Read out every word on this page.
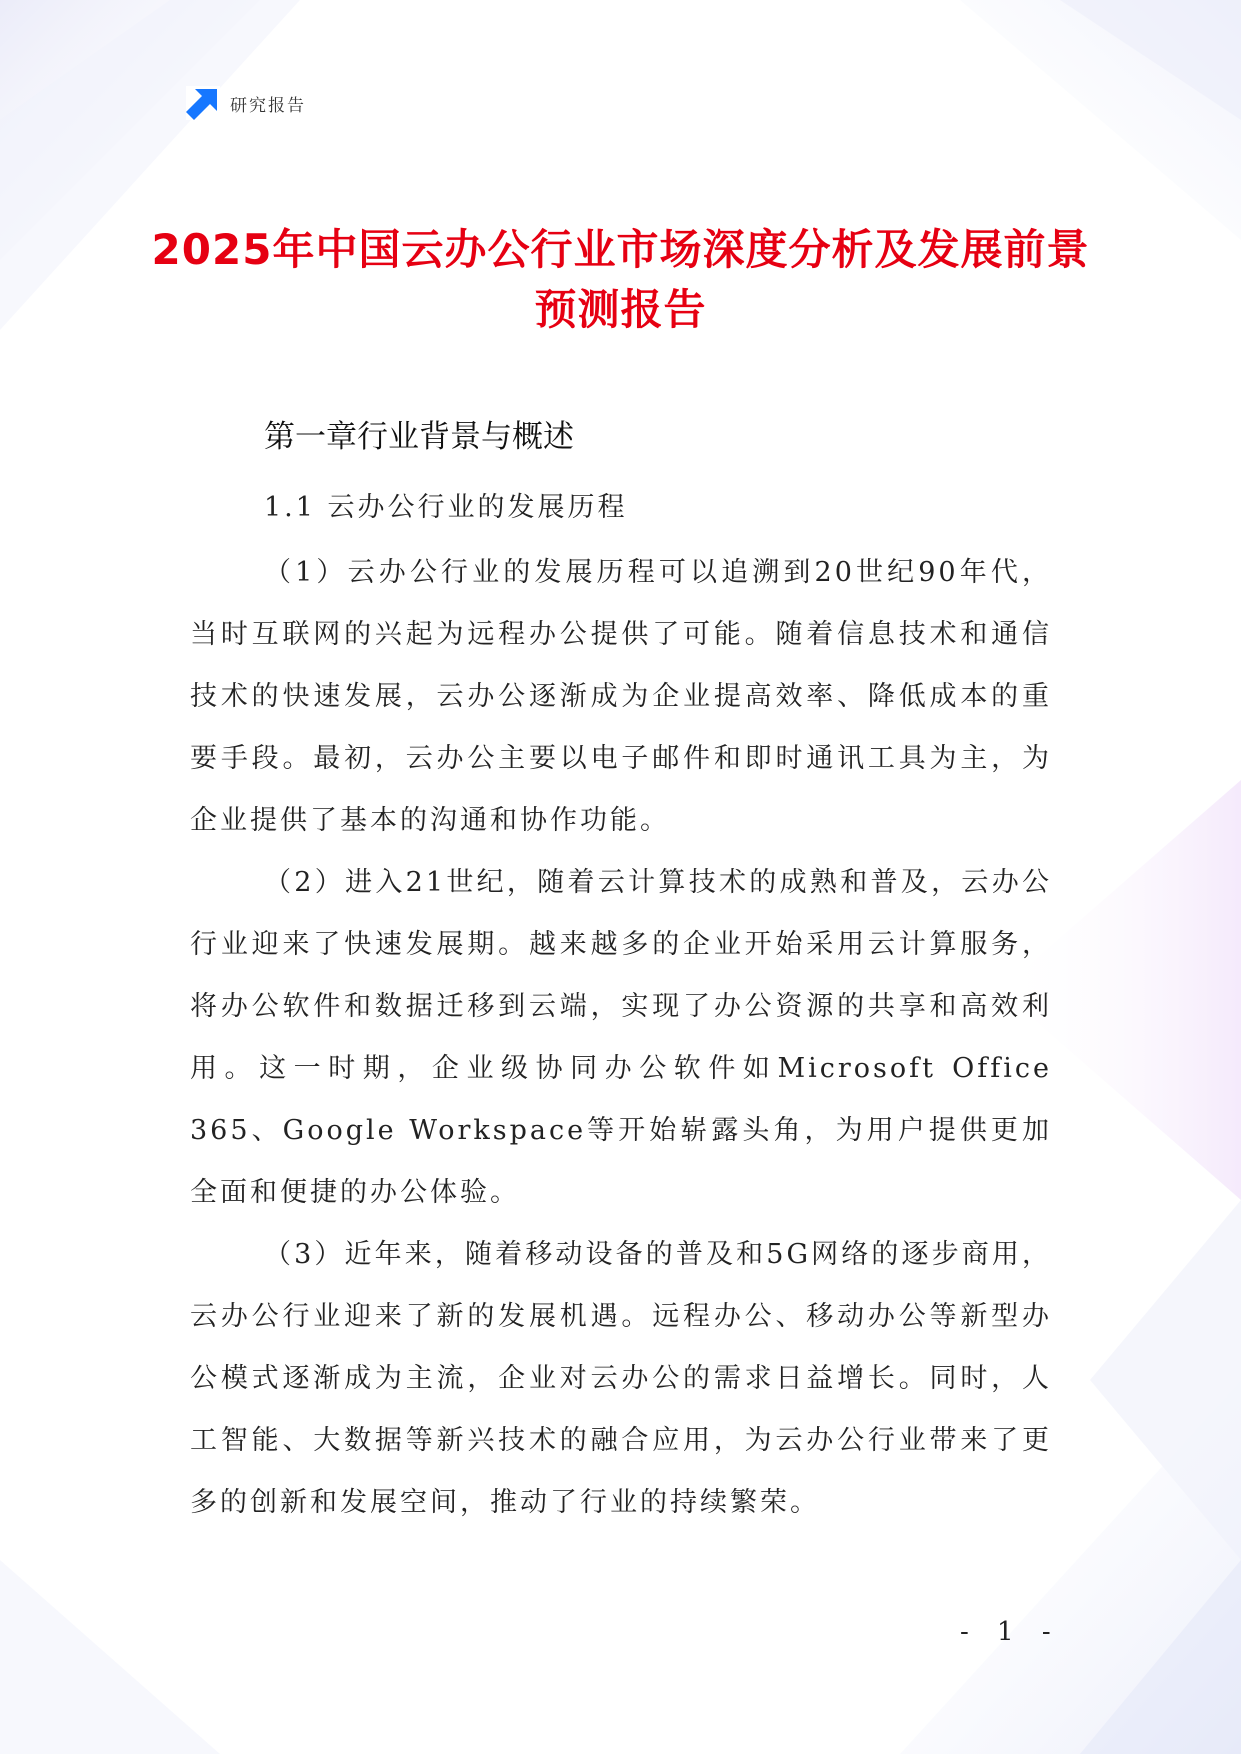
研究报告
2025年中国云办公行业市场深度分析及发展前景预测报告
第一章行业背景与概述
1.1 云办公行业的发展历程

（1）云办公行业的发展历程可以追溯到20世纪90年代，当时互联网的兴起为远程办公提供了可能。随着信息技术和通信技术的快速发展，云办公逐渐成为企业提高效率、降低成本的重要手段。最初，云办公主要以电子邮件和即时通讯工具为主，为企业提供了基本的沟通和协作功能。

（2）进入21世纪，随着云计算技术的成熟和普及，云办公行业迎来了快速发展期。越来越多的企业开始采用云计算服务，将办公软件和数据迁移到云端，实现了办公资源的共享和高效利用。这一时期，企业级协同办公软件如Microsoft Office 365、Google Workspace等开始崭露头角，为用户提供更加全面和便捷的办公体验。

（3）近年来，随着移动设备的普及和5G网络的逐步商用，云办公行业迎来了新的发展机遇。远程办公、移动办公等新型办公模式逐渐成为主流，企业对云办公的需求日益增长。同时，人工智能、大数据等新兴技术的融合应用，为云办公行业带来了更多的创新和发展空间，推动了行业的持续繁荣。

- 1 -
